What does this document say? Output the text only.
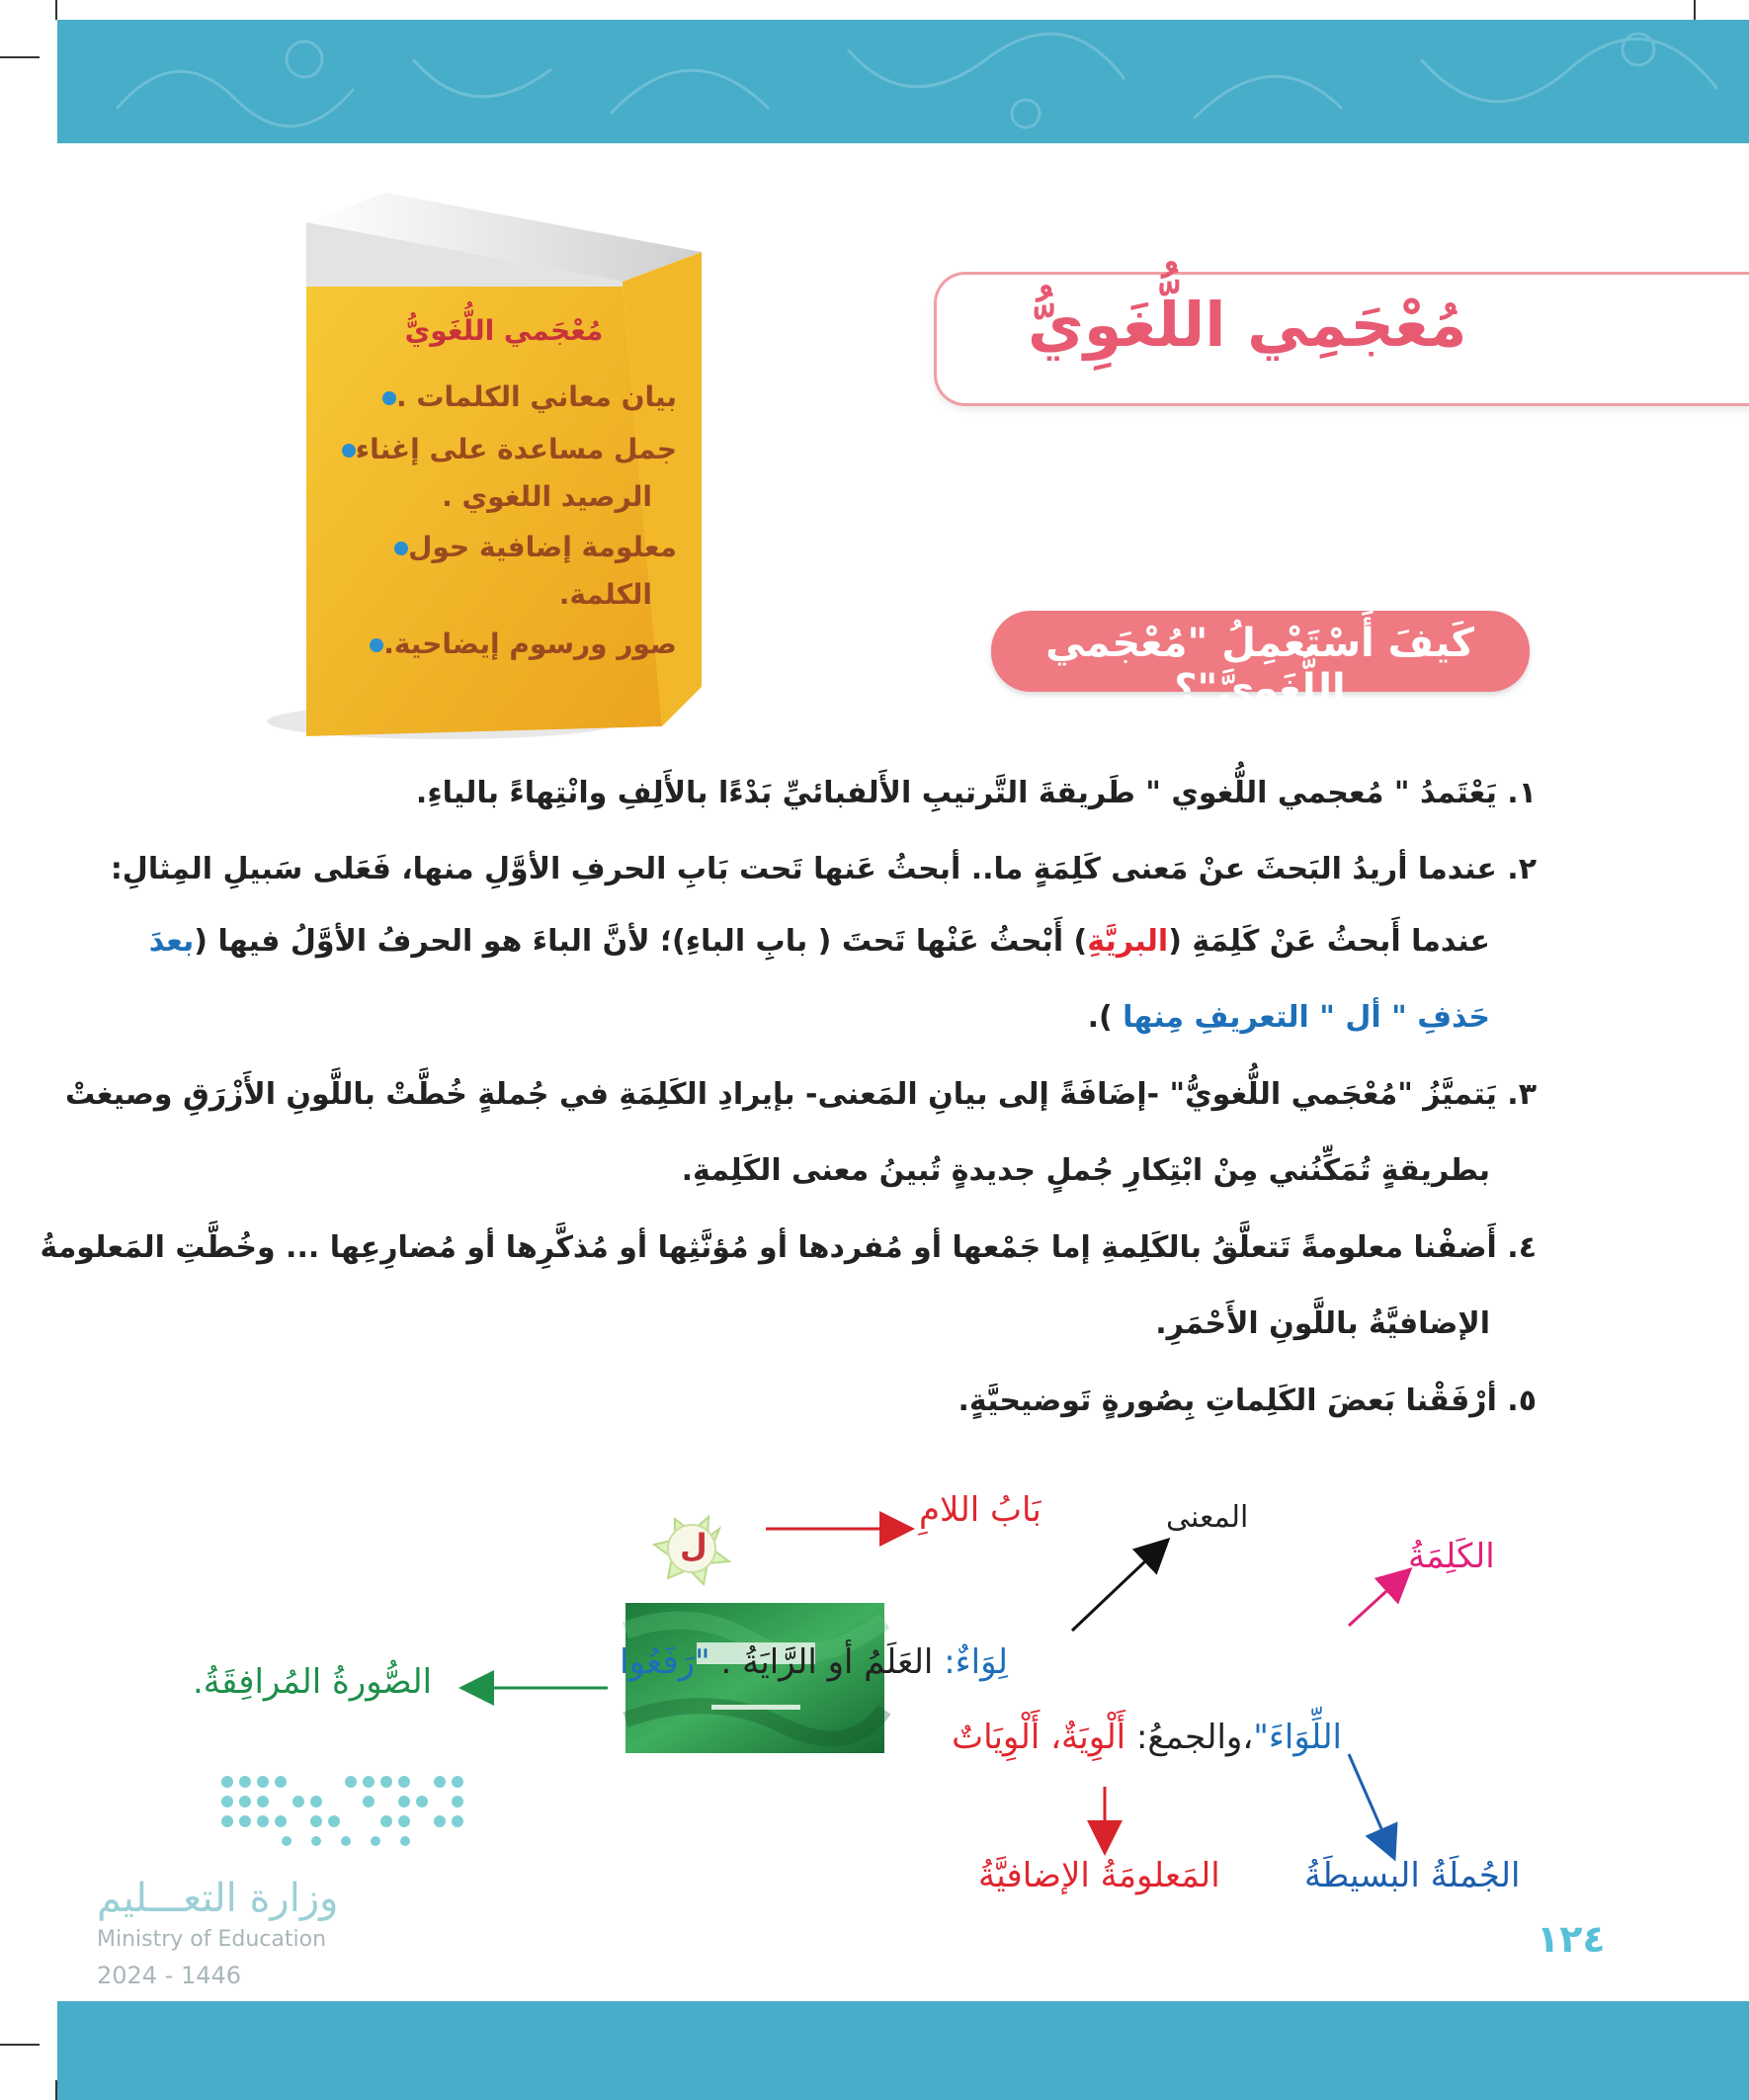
مُعْجَمي اللُّغَويُّ
بيان معاني الكلمات .
جمل مساعدة على إغناء
الرصيد اللغوي .
معلومة إضافية حول
الكلمة.
صور ورسوم إيضاحية.
مُعْجَمِي اللُّغَوِيُّ
كَيفَ أَسْتَعْمِلُ "مُعْجَمي اللُّغَويَّ"؟
١. يَعْتَمدُ " مُعجمي اللُّغوي " طَريقةَ التَّرتيبِ الأَلفبائيِّ بَدْءًا بالأَلِفِ وانْتِهاءً بالياءِ.
٢. عندما أريدُ البَحثَ عنْ مَعنى كَلِمَةٍ ما.. أبحثُ عَنها تَحت بَابِ الحرفِ الأوَّلِ منها، فَعَلى سَبيلِ المِثالِ:
عندما أَبحثُ عَنْ كَلِمَةِ (البريَّةِ) أَبْحثُ عَنْها تَحتَ ( بابِ الباءِ)؛ لأنَّ الباءَ هو الحرفُ الأوَّلُ فيها (بعدَ
حَذفِ " أل " التعريفِ مِنها ).
٣. يَتميَّزُ "مُعْجَمي اللُّغويُّ" -إضَافَةً إلى بيانِ المَعنى- بإيرادِ الكَلِمَةِ في جُملةٍ خُطَّتْ باللَّونِ الأَزْرَقِ وصيغتْ
بطريقةٍ تُمَكِّنُني مِنْ ابْتِكارِ جُملٍ جديدةٍ تُبينُ معنى الكَلِمةِ.
٤. أَضفْنا معلومةً تَتعلَّقُ بالكَلِمةِ إما جَمْعها أو مُفردها أو مُؤنَّثِها أو مُذكَّرِها أو مُضارِعِها ... وخُطَّتِ المَعلومةُ
الإضافيَّةُ باللَّونِ الأَحْمَرِ.
٥. أرْفَقْنا بَعضَ الكَلِماتِ بِصُورةٍ تَوضيحيَّةٍ.
ل
بَابُ اللامِ	المعنى
الكَلِمَةُ
لِوَاءٌ: العَلَمُ أو الرَّايَةُ . "رَفَعُوا
اللِّوَاءَ"،والجمعُ: أَلْوِيَةٌ، أَلْوِيَاتٌ
الصُّورةُ المُرافِقَةُ.
المَعلومَةُ الإضافيَّةُ	الجُملَةُ البسيطَةُ
وزارة التعـــليم
Ministry of Education
2024 - 1446
١٢٤
